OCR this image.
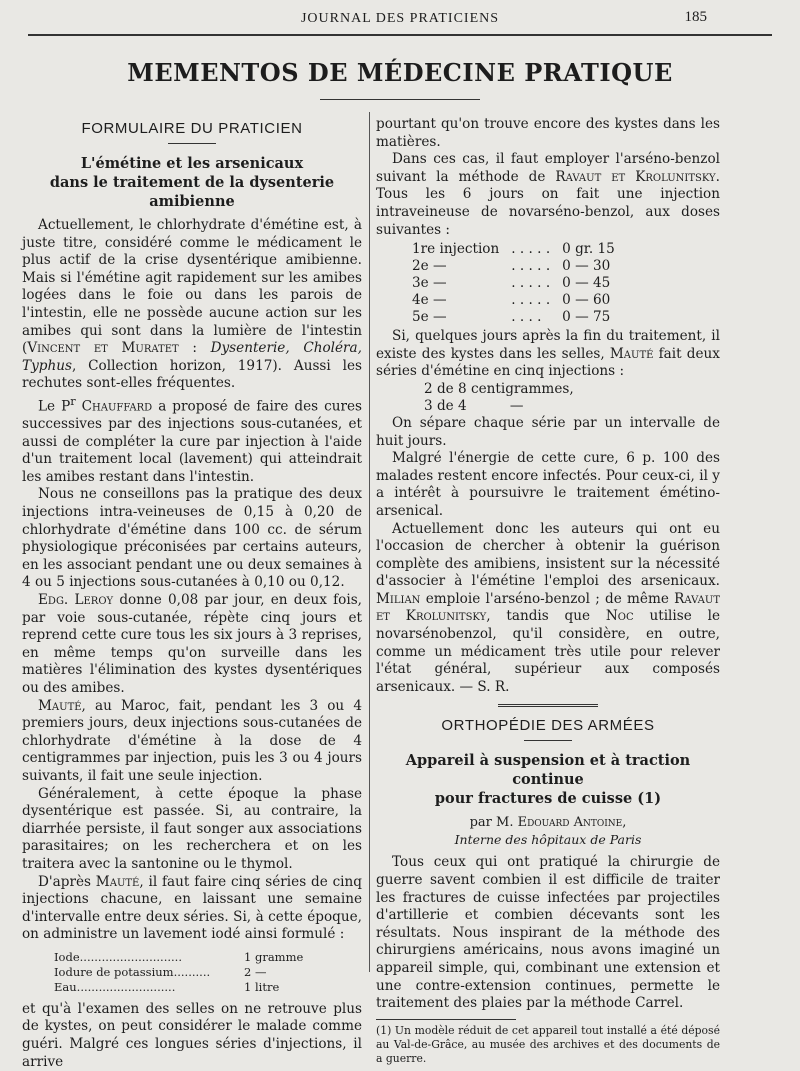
JOURNAL DES PRATICIENS	185
MEMENTOS DE MÉDECINE PRATIQUE
FORMULAIRE DU PRATICIEN
L'émétine et les arsenicaux
dans le traitement de la dysenterie amibienne

Actuellement, le chlorhydrate d'émétine est, à juste titre, considéré comme le médicament le plus actif de la crise dysentérique amibienne. Mais si l'émétine agit rapidement sur les amibes logées dans le foie ou dans les parois de l'intestin, elle ne possède aucune action sur les amibes qui sont dans la lumière de l'intestin (Vincent et Muratet : Dysenterie, Choléra, Typhus, Collection horizon, 1917). Aussi les rechutes sont-elles fréquentes.

Le $P^r$ Chauffard a proposé de faire des cures successives par des injections sous-cutanées, et aussi de compléter la cure par injection à l'aide d'un traitement local (lavement) qui atteindrait les amibes restant dans l'intestin.

Nous ne conseillons pas la pratique des deux injections intra-veineuses de 0,15 à 0,20 de chlorhydrate d'émétine dans 100 cc. de sérum physiologique préconisées par certains auteurs, en les associant pendant une ou deux semaines à 4 ou 5 injections sous-cutanées à 0,10 ou 0,12.

Edg. Leroy donne 0,08 par jour, en deux fois, par voie sous-cutanée, répète cinq jours et reprend cette cure tous les six jours à 3 reprises, en même temps qu'on surveille dans les matières l'élimination des kystes dysentériques ou des amibes.

Mauté, au Maroc, fait, pendant les 3 ou 4 premiers jours, deux injections sous-cutanées de chlorhydrate d'émétine à la dose de 4 centigrammes par injection, puis les 3 ou 4 jours suivants, il fait une seule injection.

Généralement, à cette époque la phase dysentérique est passée. Si, au contraire, la diarrhée persiste, il faut songer aux associations parasitaires; on les recherchera et on les traitera avec la santonine ou le thymol.

D'après Mauté, il faut faire cinq séries de cinq injections chacune, en laissant une semaine d'intervalle entre deux séries. Si, à cette époque, on administre un lavement iodé ainsi formulé :

Iode............................	1 gramme
Iodure de potassium..........	2 —
Eau...........................	1 litre

et qu'à l'examen des selles on ne retrouve plus de kystes, on peut considérer le malade comme guéri. Malgré ces longues séries d'injections, il arrive

pourtant qu'on trouve encore des kystes dans les matières.

Dans ces cas, il faut employer l'arséno-benzol suivant la méthode de Ravaut et Krolunitsky. Tous les 6 jours on fait une injection intraveineuse de novarséno-benzol, aux doses suivantes :

1re injection	. . . . .	0 gr. 15
2e —	. . . . .	0 — 30
3e —	. . . . .	0 — 45
4e —	. . . . .	0 — 60
5e —	. . . .	0 — 75

Si, quelques jours après la fin du traitement, il existe des kystes dans les selles, Mauté fait deux séries d'émétine en cinq injections :

2 de 8 centigrammes,
3 de 4          —

On sépare chaque série par un intervalle de huit jours.

Malgré l'énergie de cette cure, 6 p. 100 des malades restent encore infectés. Pour ceux-ci, il y a intérêt à poursuivre le traitement émétino-arsenical.

Actuellement donc les auteurs qui ont eu l'occasion de chercher à obtenir la guérison complète des amibiens, insistent sur la nécessité d'associer à l'émétine l'emploi des arsenicaux. Milian emploie l'arséno-benzol ; de même Ravaut et Krolunitsky, tandis que Noc utilise le novarsénobenzol, qu'il considère, en outre, comme un médicament très utile pour relever l'état général, supérieur aux composés arsenicaux. — S. R.

ORTHOPÉDIE DES ARMÉES
Appareil à suspension et à traction continue
pour fractures de cuisse (1)
par M. Edouard Antoine,
Interne des hôpitaux de Paris

Tous ceux qui ont pratiqué la chirurgie de guerre savent combien il est difficile de traiter les fractures de cuisse infectées par projectiles d'artillerie et combien décevants sont les résultats. Nous inspirant de la méthode des chirurgiens américains, nous avons imaginé un appareil simple, qui, combinant une extension et une contre-extension continues, permette le traitement des plaies par la méthode Carrel.

(1) Un modèle réduit de cet appareil tout installé a été déposé au Val-de-Grâce, au musée des archives et des documents de a guerre.
